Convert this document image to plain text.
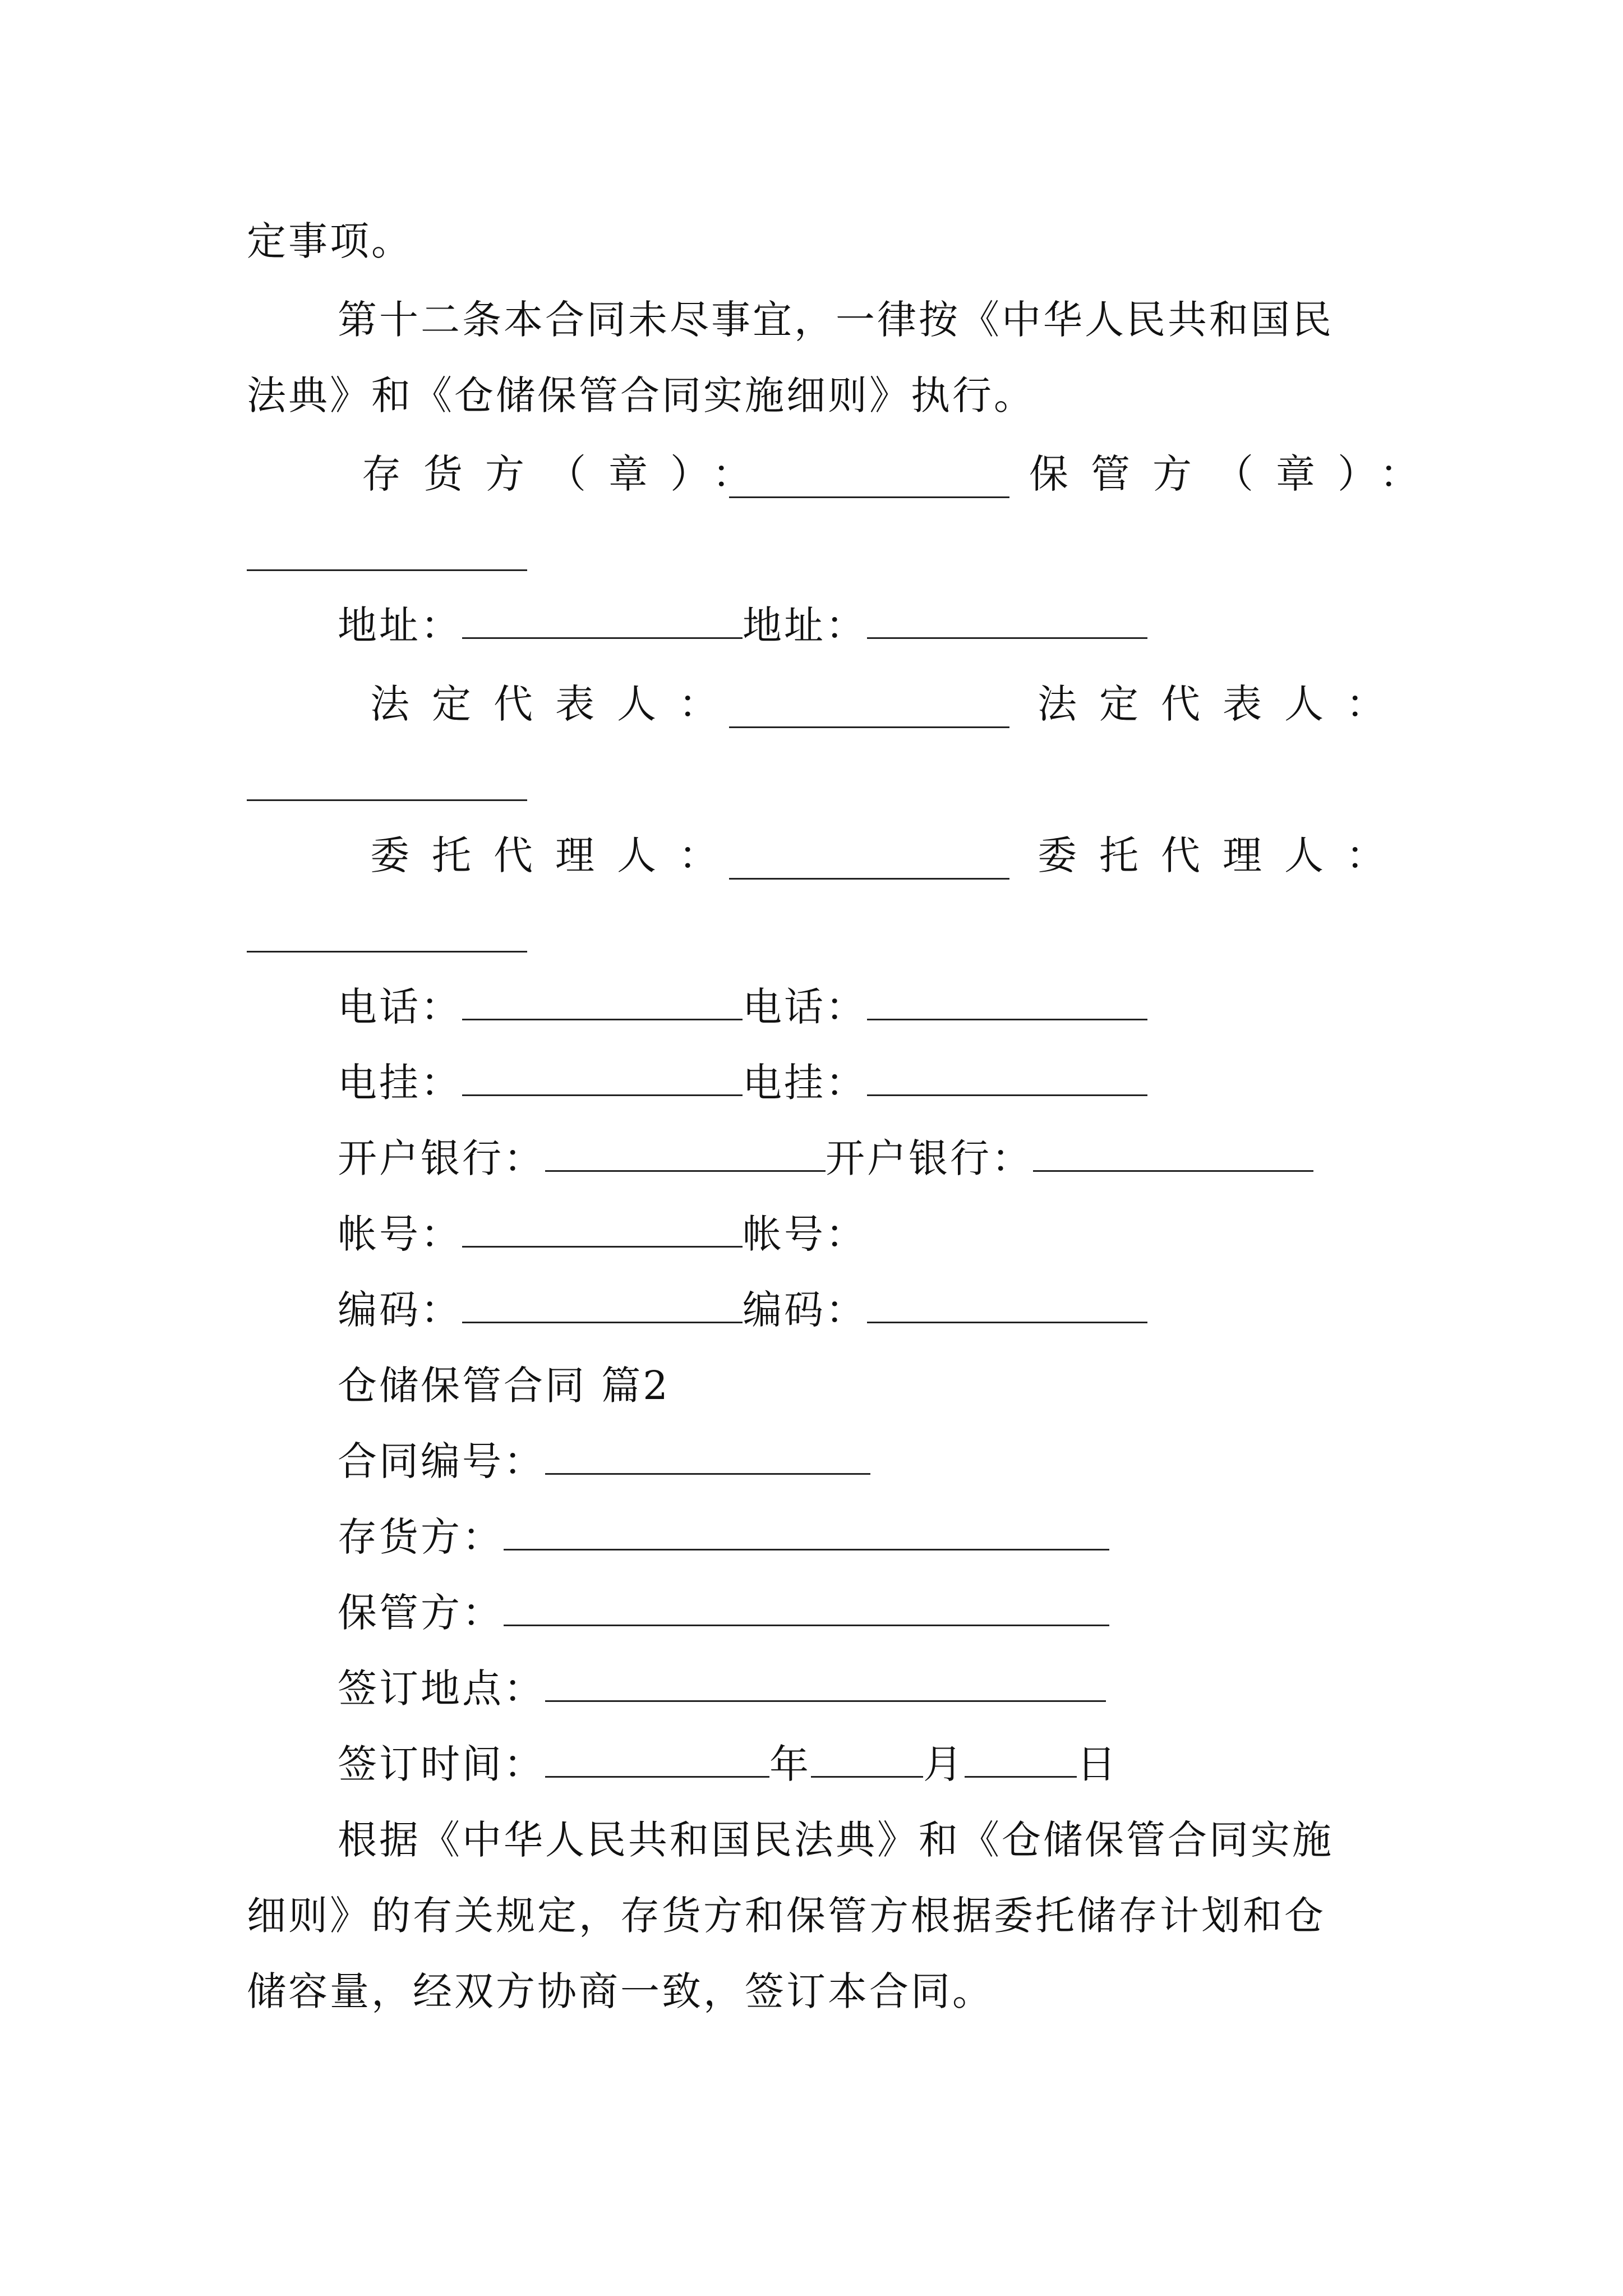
定事项。
第十二条本合同未尽事宜，一律按《中华人民共和国民
法典》和《仓储保管合同实施细则》执行。
存货方（章）：	保管方（章）：
地址：	地址：
法定代表人：	法定代表人：
委托代理人：	委托代理人：
电话：	电话：
电挂：	电挂：
开户银行：	开户银行：
帐号：	帐号：
编码：	编码：
仓储保管合同 篇2
合同编号：
存货方：
保管方：
签订地点：
签订时间：	年	月	日
根据《中华人民共和国民法典》和《仓储保管合同实施
细则》的有关规定，存货方和保管方根据委托储存计划和仓
储容量，经双方协商一致，签订本合同。
